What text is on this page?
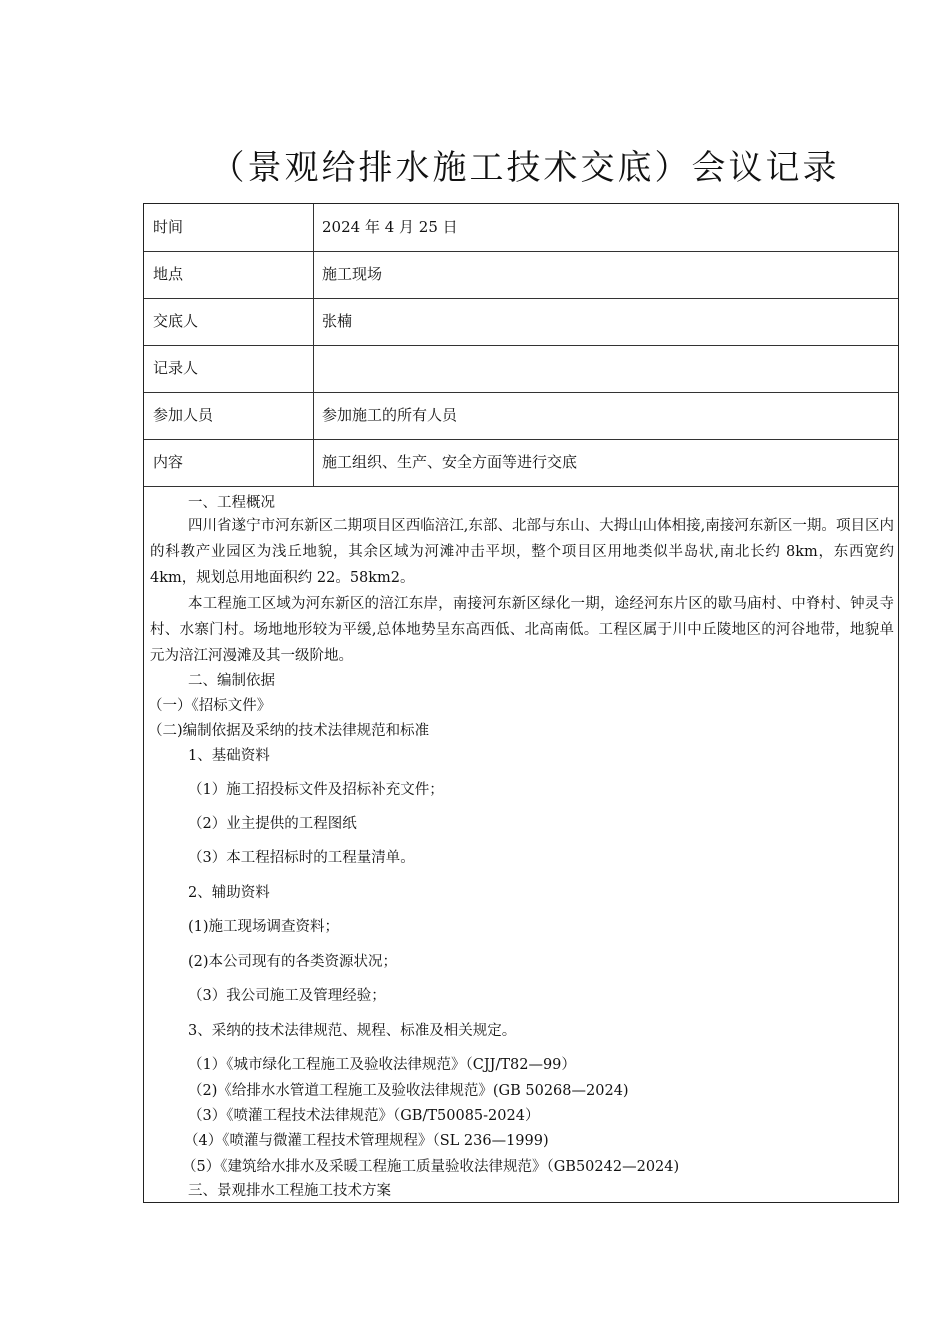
（景观给排水施工技术交底）会议记录
时间	2024 年 4 月 25 日
地点	施工现场
交底人	张楠
记录人
参加人员	参加施工的所有人员
内容	施工组织、生产、安全方面等进行交底
一、工程概况
四川省遂宁市河东新区二期项目区西临涪江,东部、北部与东山、大拇山山体相接,南接河东新区一期。项目区内的科教产业园区为浅丘地貌，其余区域为河滩冲击平坝，整个项目区用地类似半岛状,南北长约 8km，东西宽约 4km，规划总用地面积约 22。58km2。
本工程施工区域为河东新区的涪江东岸，南接河东新区绿化一期，途经河东片区的歇马庙村、中脊村、钟灵寺村、水寨门村。场地地形较为平缓,总体地势呈东高西低、北高南低。工程区属于川中丘陵地区的河谷地带，地貌单元为涪江河漫滩及其一级阶地。
二、编制依据
（一）《招标文件》
（二)编制依据及采纳的技术法律规范和标准
1、基础资料
（1）施工招投标文件及招标补充文件；
（2）业主提供的工程图纸
（3）本工程招标时的工程量清单。
2、辅助资料
(1)施工现场调查资料；
(2)本公司现有的各类资源状况；
（3）我公司施工及管理经验；
3、采纳的技术法律规范、规程、标准及相关规定。
（1）《城市绿化工程施工及验收法律规范》（CJJ/T82—99）
（2)《给排水水管道工程施工及验收法律规范》(GB 50268—2024)
（3）《喷灌工程技术法律规范》（GB/T50085-2024）
（4）《喷灌与微灌工程技术管理规程》（SL 236—1999)
（5）《建筑给水排水及采暖工程施工质量验收法律规范》（GB50242—2024)
三、景观排水工程施工技术方案
